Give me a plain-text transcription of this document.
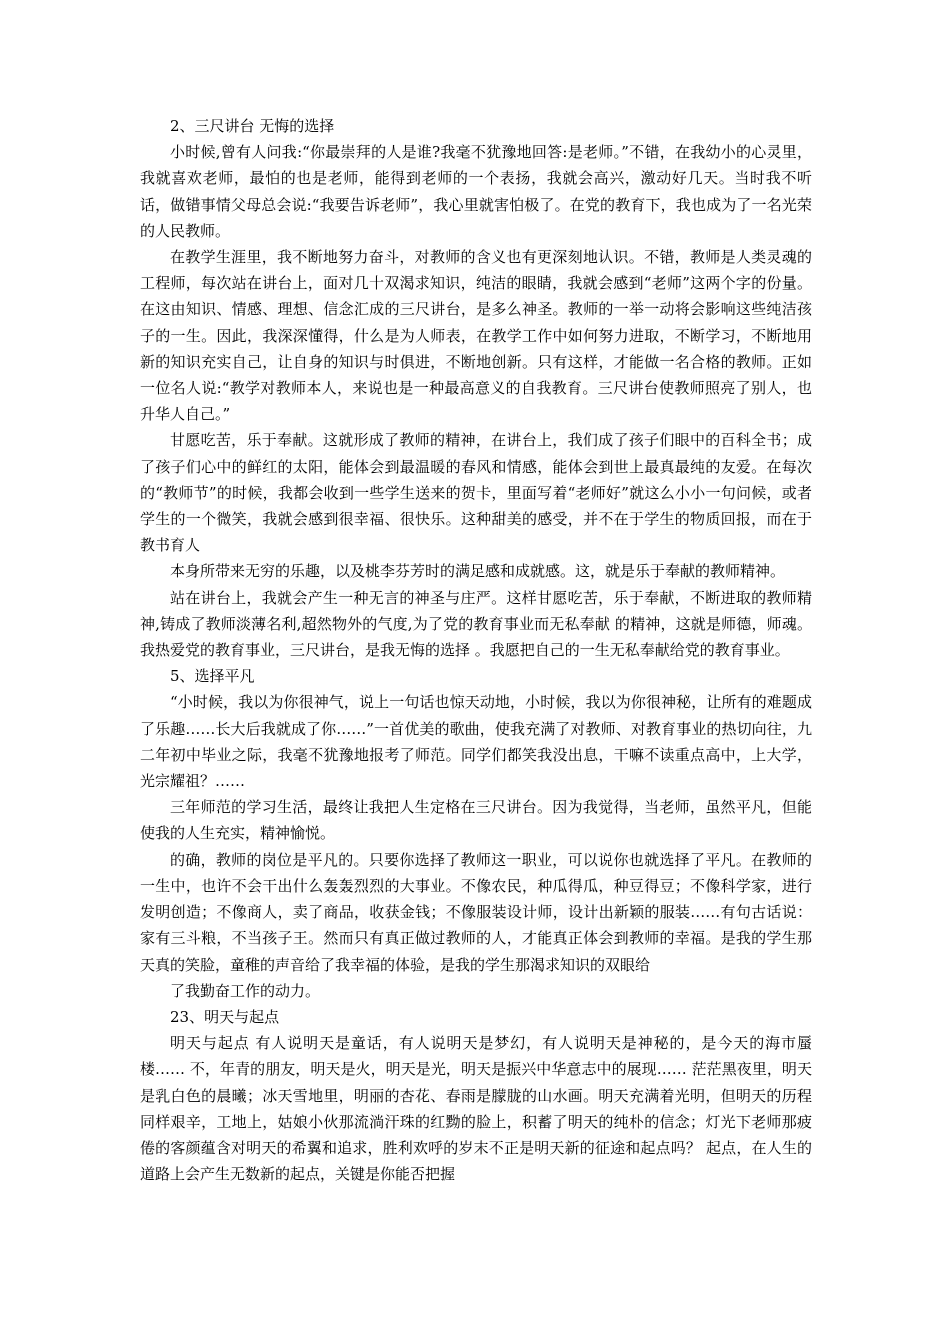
2、三尺讲台 无悔的选择

小时候,曾有人问我:“你最崇拜的人是谁?我毫不犹豫地回答:是老师。”不错，在我幼小的心灵里，我就喜欢老师，最怕的也是老师，能得到老师的一个表扬，我就会高兴，激动好几天。当时我不听话，做错事情父母总会说:“我要告诉老师”，我心里就害怕极了。在党的教育下，我也成为了一名光荣的人民教师。

在教学生涯里，我不断地努力奋斗，对教师的含义也有更深刻地认识。不错，教师是人类灵魂的工程师，每次站在讲台上，面对几十双渴求知识，纯洁的眼睛，我就会感到“老师”这两个字的份量。在这由知识、情感、理想、信念汇成的三尺讲台，是多么神圣。教师的一举一动将会影响这些纯洁孩子的一生。因此，我深深懂得，什么是为人师表，在教学工作中如何努力进取，不断学习，不断地用新的知识充实自己，让自身的知识与时俱进，不断地创新。只有这样，才能做一名合格的教师。正如一位名人说:“教学对教师本人，来说也是一种最高意义的自我教育。三尺讲台使教师照亮了别人，也升华人自己。”

甘愿吃苦，乐于奉献。这就形成了教师的精神，在讲台上，我们成了孩子们眼中的百科全书；成了孩子们心中的鲜红的太阳，能体会到最温暖的春风和情感，能体会到世上最真最纯的友爱。在每次的“教师节”的时候，我都会收到一些学生送来的贺卡，里面写着“老师好”就这么小小一句问候，或者学生的一个微笑，我就会感到很幸福、很快乐。这种甜美的感受，并不在于学生的物质回报，而在于教书育人

本身所带来无穷的乐趣，以及桃李芬芳时的满足感和成就感。这，就是乐于奉献的教师精神。

站在讲台上，我就会产生一种无言的神圣与庄严。这样甘愿吃苦，乐于奉献，不断进取的教师精神,铸成了教师淡薄名利,超然物外的气度,为了党的教育事业而无私奉献 的精神，这就是师德，师魂。 我热爱党的教育事业，三尺讲台，是我无悔的选择 。我愿把自己的一生无私奉献给党的教育事业。

5、选择平凡

“小时候，我以为你很神气，说上一句话也惊天动地，小时候，我以为你很神秘，让所有的难题成了乐趣……长大后我就成了你……”一首优美的歌曲，使我充满了对教师、对教育事业的热切向往，九二年初中毕业之际，我毫不犹豫地报考了师范。同学们都笑我没出息，干嘛不读重点高中，上大学，光宗耀祖？……

三年师范的学习生活，最终让我把人生定格在三尺讲台。因为我觉得，当老师，虽然平凡，但能使我的人生充实，精神愉悦。

的确，教师的岗位是平凡的。只要你选择了教师这一职业，可以说你也就选择了平凡。在教师的一生中，也许不会干出什么轰轰烈烈的大事业。不像农民，种瓜得瓜，种豆得豆；不像科学家，进行发明创造；不像商人，卖了商品，收获金钱；不像服装设计师，设计出新颖的服装……有句古话说：家有三斗粮，不当孩子王。然而只有真正做过教师的人，才能真正体会到教师的幸福。是我的学生那天真的笑脸，童稚的声音给了我幸福的体验，是我的学生那渴求知识的双眼给

了我勤奋工作的动力。

23、明天与起点

明天与起点 有人说明天是童话，有人说明天是梦幻，有人说明天是神秘的，是今天的海市蜃楼…… 不，年青的朋友，明天是火，明天是光，明天是振兴中华意志中的展现…… 茫茫黑夜里，明天是乳白色的晨曦；冰天雪地里，明丽的杏花、春雨是朦胧的山水画。明天充满着光明，但明天的历程同样艰辛，工地上，姑娘小伙那流淌汗珠的红黝的脸上，积蓄了明天的纯朴的信念；灯光下老师那疲倦的客颜蕴含对明天的希翼和追求，胜利欢呼的岁末不正是明天新的征途和起点吗？ 起点，在人生的道路上会产生无数新的起点，关键是你能否把握
